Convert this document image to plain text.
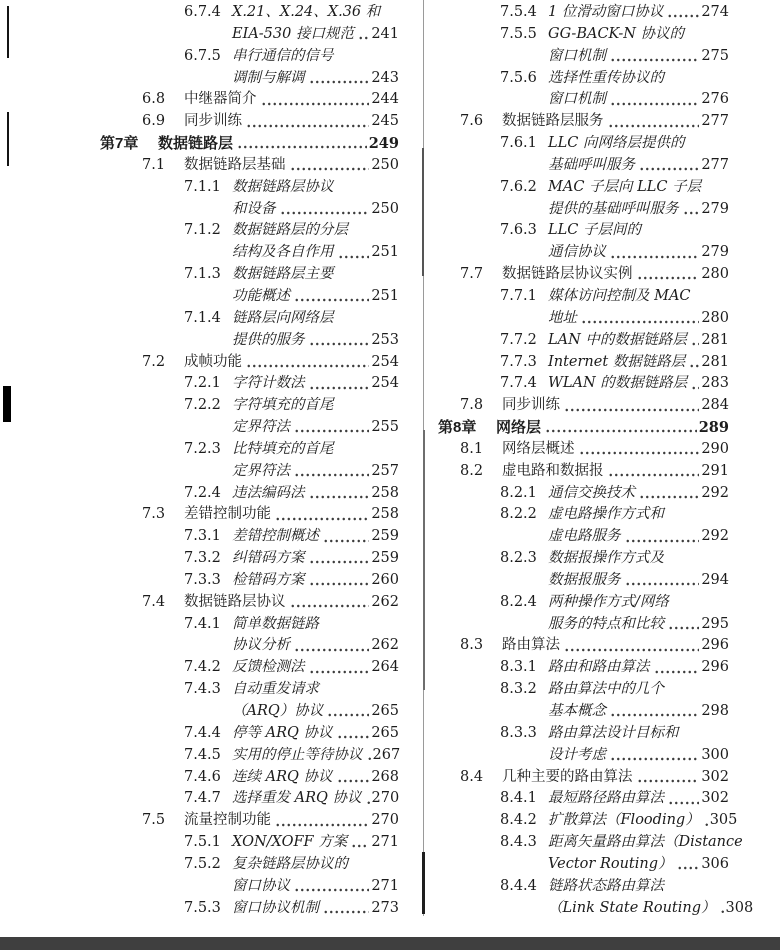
6.7.4 X.21、X.24、X.36 和
EIA-530 接口规范 241
6.7.5 串行通信的信号
调制与解调	243
6.8	中继器简介	244
6.9	同步训练	245
第7章	数据链路层	249
7.1	数据链路层基础	250
7.1.1 数据链路层协议
和设备	250
7.1.2 数据链路层的分层
结构及各自作用	251
7.1.3 数据链路层主要
功能概述	251
7.1.4 链路层向网络层
提供的服务	253
7.2	成帧功能	254
7.2.1 字符计数法	254
7.2.2 字符填充的首尾
定界符法	255
7.2.3 比特填充的首尾
定界符法	257
7.2.4 违法编码法	258
7.3	差错控制功能	258
7.3.1 差错控制概述	259
7.3.2 纠错码方案	259
7.3.3 检错码方案	260
7.4	数据链路层协议	262
7.4.1 简单数据链路
协议分析	262
7.4.2 反馈检测法	264
7.4.3 自动重发请求
（ARQ）协议	265
7.4.4 停等 ARQ 协议	265
7.4.5 实用的停止等待协议 267
7.4.6 连续 ARQ 协议	268
7.4.7 选择重发 ARQ 协议 270
7.5	流量控制功能	270
7.5.1 XON/XOFF 方案 271
7.5.2 复杂链路层协议的
窗口协议	271
7.5.3 窗口协议机制	273
7.5.4 1 位滑动窗口协议	274
7.5.5 GG-BACK-N 协议的
窗口机制	275
7.5.6 选择性重传协议的
窗口机制	276
7.6	数据链路层服务	277
7.6.1 LLC 向网络层提供的
基础呼叫服务	277
7.6.2 MAC 子层向 LLC 子层
提供的基础呼叫服务 279
7.6.3 LLC 子层间的
通信协议	279
7.7	数据链路层协议实例	280
7.7.1 媒体访问控制及 MAC
地址	280
7.7.2 LAN 中的数据链路层 281
7.7.3 Internet 数据链路层 281
7.7.4 WLAN 的数据链路层 283
7.8	同步训练	284
第8章	网络层	289
8.1	网络层概述	290
8.2	虚电路和数据报	291
8.2.1 通信交换技术	292
8.2.2 虚电路操作方式和
虚电路服务	292
8.2.3 数据报操作方式及
数据报服务	294
8.2.4 两种操作方式/网络
服务的特点和比较	295
8.3	路由算法	296
8.3.1 路由和路由算法	296
8.3.2 路由算法中的几个
基本概念	298
8.3.3 路由算法设计目标和
设计考虑	300
8.4	几种主要的路由算法	302
8.4.1 最短路径路由算法	302
8.4.2 扩散算法（Flooding） 305
8.4.3 距离矢量路由算法（Distance
Vector Routing） 306
8.4.4 链路状态路由算法
（Link State Routing） 308
